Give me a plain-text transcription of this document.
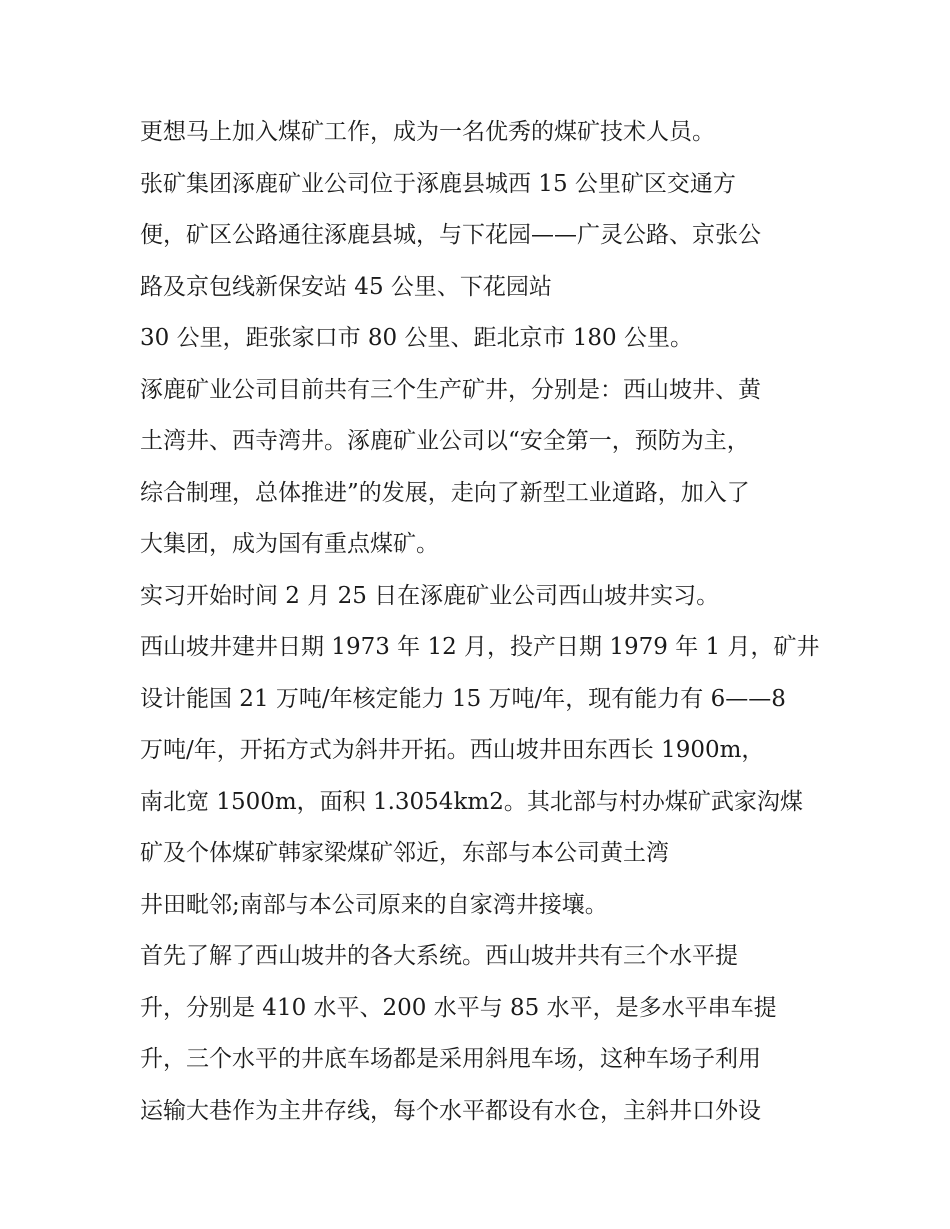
更想马上加入煤矿工作，成为一名优秀的煤矿技术人员。
张矿集团涿鹿矿业公司位于涿鹿县城西 15 公里矿区交通方
便，矿区公路通往涿鹿县城，与下花园——广灵公路、京张公
路及京包线新保安站 45 公里、下花园站
30 公里，距张家口市 80 公里、距北京市 180 公里。
涿鹿矿业公司目前共有三个生产矿井，分别是：西山坡井、黄
土湾井、西寺湾井。涿鹿矿业公司以“安全第一，预防为主，
综合制理，总体推进”的发展，走向了新型工业道路，加入了
大集团，成为国有重点煤矿。
实习开始时间 2 月 25 日在涿鹿矿业公司西山坡井实习。
西山坡井建井日期 1973 年 12 月，投产日期 1979 年 1 月，矿井
设计能国 21 万吨/年核定能力 15 万吨/年，现有能力有 6——8
万吨/年，开拓方式为斜井开拓。西山坡井田东西长 1900m，
南北宽 1500m，面积 1.3054km2。其北部与村办煤矿武家沟煤
矿及个体煤矿韩家梁煤矿邻近，东部与本公司黄土湾
井田毗邻;南部与本公司原来的自家湾井接壤。
首先了解了西山坡井的各大系统。西山坡井共有三个水平提
升，分别是 410 水平、200 水平与 85 水平，是多水平串车提
升，三个水平的井底车场都是采用斜甩车场，这种车场子利用
运输大巷作为主井存线，每个水平都设有水仓，主斜井口外设
